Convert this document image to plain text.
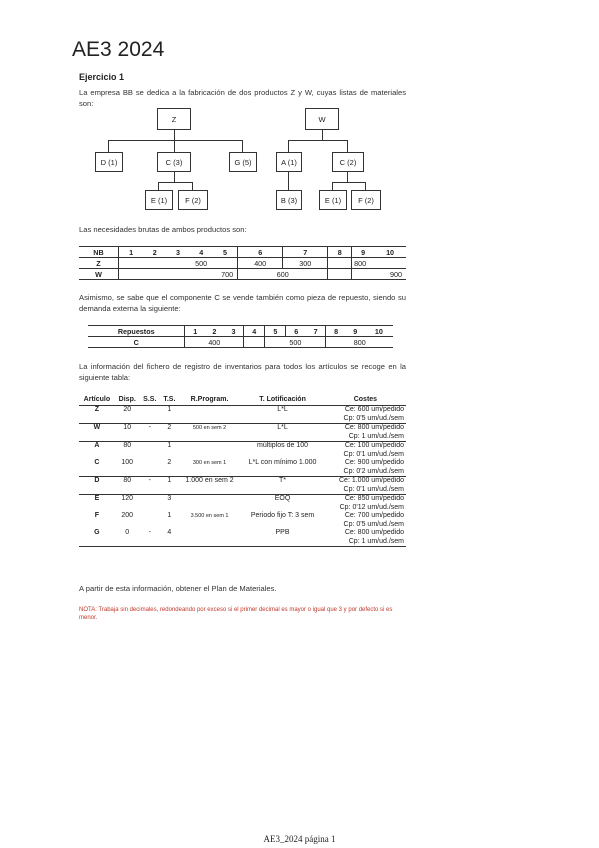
AE3 2024
Ejercicio 1
La empresa BB se dedica a la fabricación de dos productos Z y W, cuyas listas de materiales son:
Z
D (1)	C (3)	G (5)
E (1)	F (2)
W
A (1)	C (2)
B (3)	E (1)	F (2)
Las necesidades brutas de ambos productos son:
NB	1	2	3	4	5	6	7	8	9	10
Z	500					400	300		800	
W	700					600			900	
Asimismo, se sabe que el componente C se vende también como pieza de repuesto, siendo su demanda externa la siguiente:
Repuestos	1	2	3	4	5	6	7	8	9	10
C	400				500			800		
La información del fichero de registro de inventarios para todos los artículos se recoge en la siguiente tabla:
Artículo	Disp.	S.S.	T.S.	R.Program.	T. Lotificación	Costes
Z	20		1		L*L	Ce: 600 um/pedido
Cp: 0'5 um/ud./sem

W	10	-	2	500 en sem 2	L*L	Ce: 800 um/pedido
Cp: 1 um/ud./sem

A	80		1		múltiplos de 100	Ce: 100 um/pedido
Cp: 0'1 um/ud./sem

C	100		2	300 en sem 1	L*L con mínimo 1.000	Ce: 900 um/pedido
Cp: 0'2 um/ud./sem

D	80	-	1	1.000 en sem 2	T*	Ce: 1.000 um/pedido
Cp: 0'1 um/ud./sem

E	120		3		EOQ	Ce: 850 um/pedido
Cp: 0'12 um/ud./sem

F	200		1	3.500 en sem 1	Periodo fijo T: 3 sem	Ce: 700 um/pedido
Cp: 0'5 um/ud./sem

G	0	-	4		PPB	Ce: 800 um/pedido
Cp: 1 um/ud./sem
A partir de esta información, obtener el Plan de Materiales.
NOTA: Trabaja sin decimales, redondeando por exceso si el primer decimal es mayor o igual que 3 y por defecto si es menor.
AE3_2024 página 1
